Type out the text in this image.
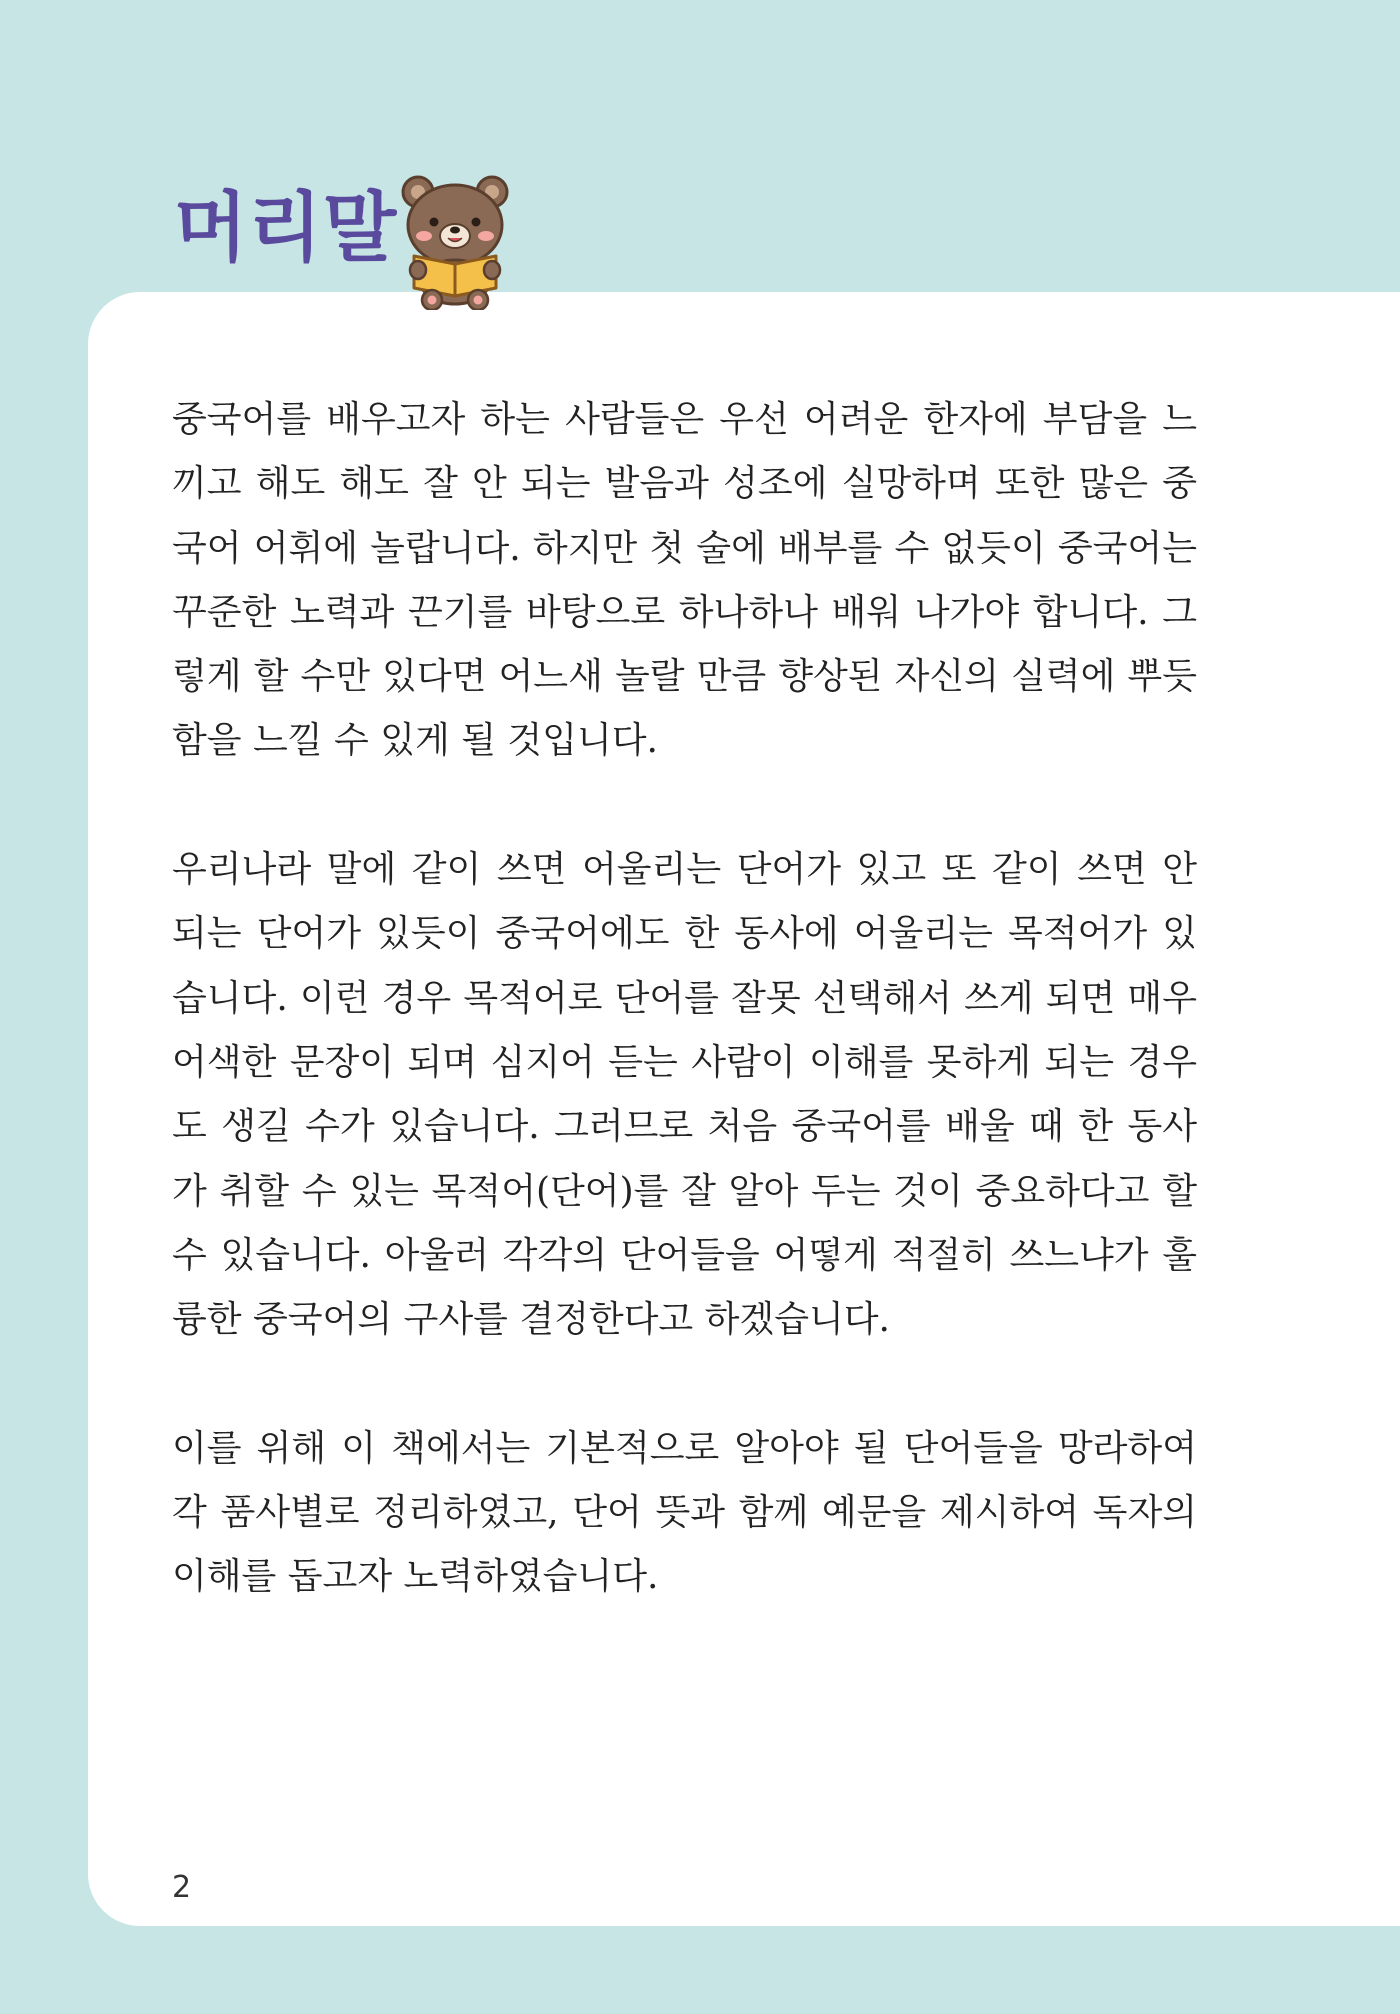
머리말

중국어를 배우고자 하는 사람들은 우선 어려운 한자에 부담을 느끼고 해도 해도 잘 안 되는 발음과 성조에 실망하며 또한 많은 중국어 어휘에 놀랍니다. 하지만 첫 술에 배부를 수 없듯이 중국어는 꾸준한 노력과 끈기를 바탕으로 하나하나 배워 나가야 합니다. 그렇게 할 수만 있다면 어느새 놀랄 만큼 향상된 자신의 실력에 뿌듯함을 느낄 수 있게 될 것입니다.

우리나라 말에 같이 쓰면 어울리는 단어가 있고 또 같이 쓰면 안 되는 단어가 있듯이 중국어에도 한 동사에 어울리는 목적어가 있습니다. 이런 경우 목적어로 단어를 잘못 선택해서 쓰게 되면 매우 어색한 문장이 되며 심지어 듣는 사람이 이해를 못하게 되는 경우도 생길 수가 있습니다. 그러므로 처음 중국어를 배울 때 한 동사가 취할 수 있는 목적어(단어)를 잘 알아 두는 것이 중요하다고 할 수 있습니다. 아울러 각각의 단어들을 어떻게 적절히 쓰느냐가 훌륭한 중국어의 구사를 결정한다고 하겠습니다.

이를 위해 이 책에서는 기본적으로 알아야 될 단어들을 망라하여 각 품사별로 정리하였고, 단어 뜻과 함께 예문을 제시하여 독자의 이해를 돕고자 노력하였습니다.

2
